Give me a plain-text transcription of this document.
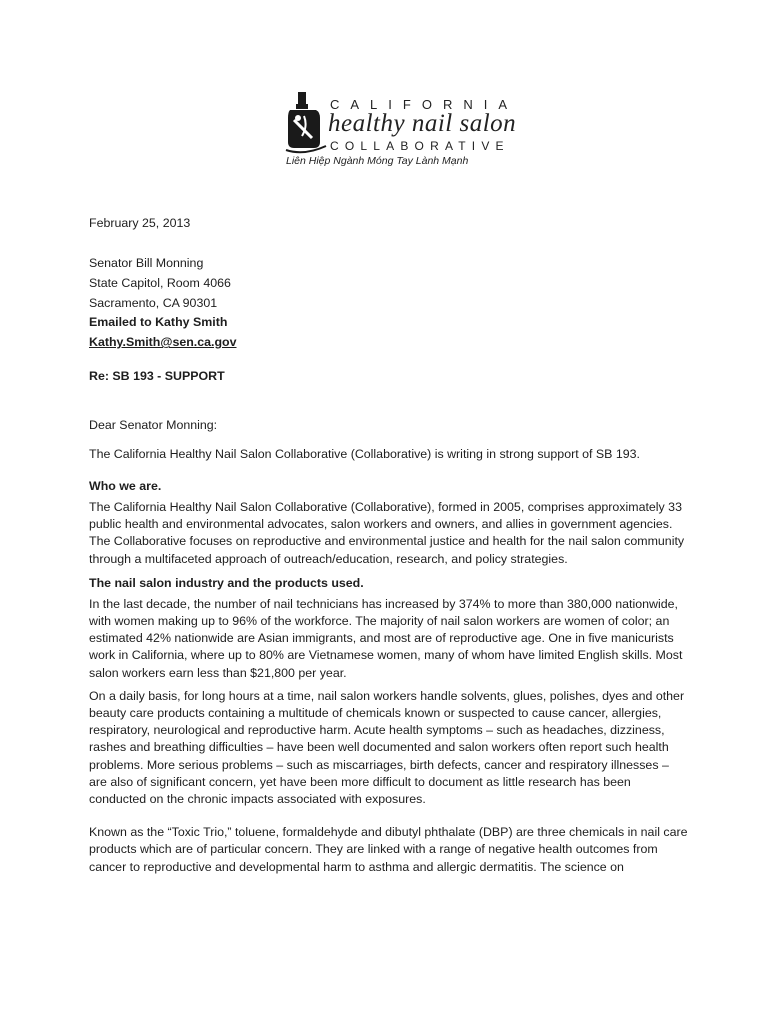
CALIFORNIA
healthy nail salon
COLLABORATIVE
Liên Hiệp Ngành Móng Tay Lành Mạnh
February 25, 2013
Senator Bill Monning
State Capitol, Room 4066
Sacramento, CA 90301
Emailed to Kathy Smith
Kathy.Smith@sen.ca.gov
Re: SB 193 - SUPPORT
Dear Senator Monning:
The California Healthy Nail Salon Collaborative (Collaborative) is writing in strong support of SB 193.
Who we are.
The California Healthy Nail Salon Collaborative (Collaborative), formed in 2005, comprises approximately 33 public health and environmental advocates, salon workers and owners, and allies in government agencies. The Collaborative focuses on reproductive and environmental justice and health for the nail salon community through a multifaceted approach of outreach/education, research, and policy strategies.
The nail salon industry and the products used.
In the last decade, the number of nail technicians has increased by 374% to more than 380,000 nationwide, with women making up to 96% of the workforce. The majority of nail salon workers are women of color; an estimated 42% nationwide are Asian immigrants, and most are of reproductive age. One in five manicurists work in California, where up to 80% are Vietnamese women, many of whom have limited English skills. Most salon workers earn less than $21,800 per year.
On a daily basis, for long hours at a time, nail salon workers handle solvents, glues, polishes, dyes and other beauty care products containing a multitude of chemicals known or suspected to cause cancer, allergies, respiratory, neurological and reproductive harm. Acute health symptoms – such as headaches, dizziness, rashes and breathing difficulties – have been well documented and salon workers often report such health problems. More serious problems – such as miscarriages, birth defects, cancer and respiratory illnesses – are also of significant concern, yet have been more difficult to document as little research has been conducted on the chronic impacts associated with exposures.
Known as the “Toxic Trio,” toluene, formaldehyde and dibutyl phthalate (DBP) are three chemicals in nail care products which are of particular concern. They are linked with a range of negative health outcomes from cancer to reproductive and developmental harm to asthma and allergic dermatitis. The science on
